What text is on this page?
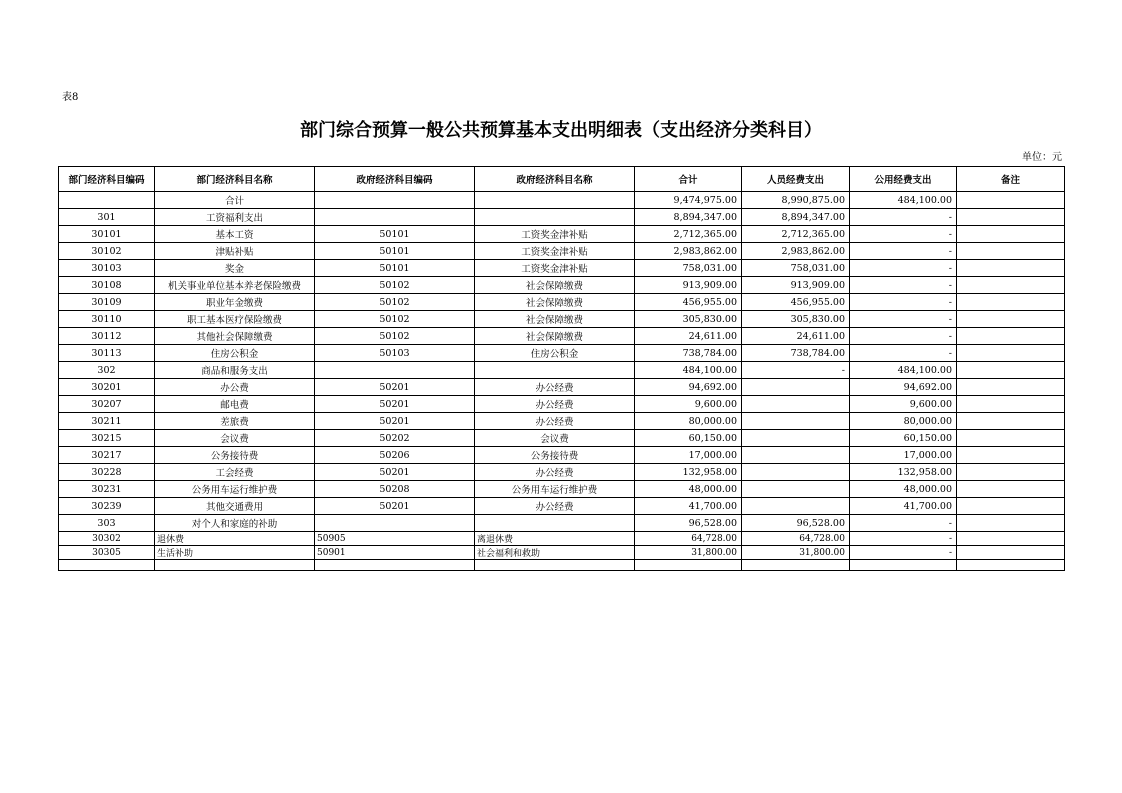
表8
部门综合预算一般公共预算基本支出明细表（支出经济分类科目）
单位：元
部门经济科目编码	部门经济科目名称	政府经济科目编码	政府经济科目名称	合计	人员经费支出	公用经费支出	备注
	合计			9,474,975.00	8,990,875.00	484,100.00	
301	工资福利支出			8,894,347.00	8,894,347.00	-	
30101	基本工资	50101	工资奖金津补贴	2,712,365.00	2,712,365.00	-	
30102	津贴补贴	50101	工资奖金津补贴	2,983,862.00	2,983,862.00	-	
30103	奖金	50101	工资奖金津补贴	758,031.00	758,031.00	-	
30108	机关事业单位基本养老保险缴费	50102	社会保障缴费	913,909.00	913,909.00	-	
30109	职业年金缴费	50102	社会保障缴费	456,955.00	456,955.00	-	
30110	职工基本医疗保险缴费	50102	社会保障缴费	305,830.00	305,830.00	-	
30112	其他社会保障缴费	50102	社会保障缴费	24,611.00	24,611.00	-	
30113	住房公积金	50103	住房公积金	738,784.00	738,784.00	-	
302	商品和服务支出			484,100.00	-	484,100.00	
30201	办公费	50201	办公经费	94,692.00		94,692.00	
30207	邮电费	50201	办公经费	9,600.00		9,600.00	
30211	差旅费	50201	办公经费	80,000.00		80,000.00	
30215	会议费	50202	会议费	60,150.00		60,150.00	
30217	公务接待费	50206	公务接待费	17,000.00		17,000.00	
30228	工会经费	50201	办公经费	132,958.00		132,958.00	
30231	公务用车运行维护费	50208	公务用车运行维护费	48,000.00		48,000.00	
30239	其他交通费用	50201	办公经费	41,700.00		41,700.00	
303	对个人和家庭的补助			96,528.00	96,528.00	-	
30302	退休费	50905	离退休费	64,728.00	64,728.00	-	
30305	生活补助	50901	社会福利和救助	31,800.00	31,800.00	-	
